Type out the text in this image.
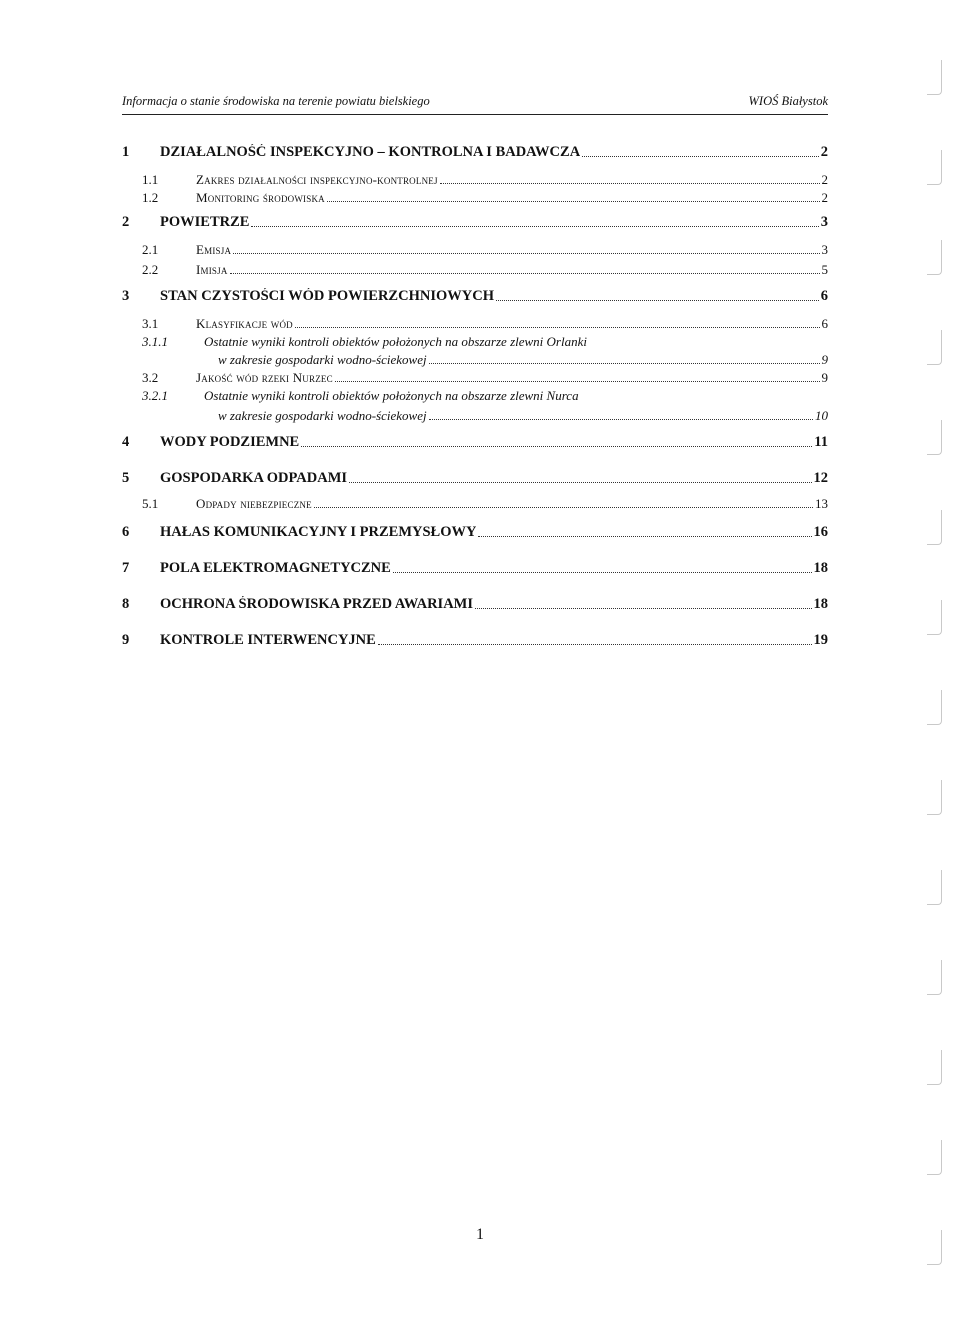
Informacja o stanie środowiska na terenie powiatu bielskiego	WIOŚ Białystok
1	DZIAŁALNOŚĆ INSPEKCYJNO – KONTROLNA I BADAWCZA	2
1.1	Zakres działalności inspekcyjno-kontrolnej	2
1.2	Monitoring środowiska	2
2	POWIETRZE	3
2.1	Emisja	3
2.2	Imisja	5
3	STAN CZYSTOŚCI WÓD POWIERZCHNIOWYCH	6
3.1	Klasyfikacje wód	6
3.1.1	Ostatnie wyniki kontroli obiektów położonych na obszarze zlewni Orlanki
w zakresie gospodarki wodno-ściekowej	9
3.2	Jakość wód rzeki Nurzec	9
3.2.1	Ostatnie wyniki kontroli obiektów położonych na obszarze zlewni Nurca
w zakresie gospodarki wodno-ściekowej	10
4	WODY PODZIEMNE	11
5	GOSPODARKA ODPADAMI	12
5.1	Odpady niebezpieczne	13
6	HAŁAS KOMUNIKACYJNY I PRZEMYSŁOWY	16
7	POLA ELEKTROMAGNETYCZNE	18
8	OCHRONA ŚRODOWISKA PRZED AWARIAMI	18
9	KONTROLE INTERWENCYJNE	19
1
